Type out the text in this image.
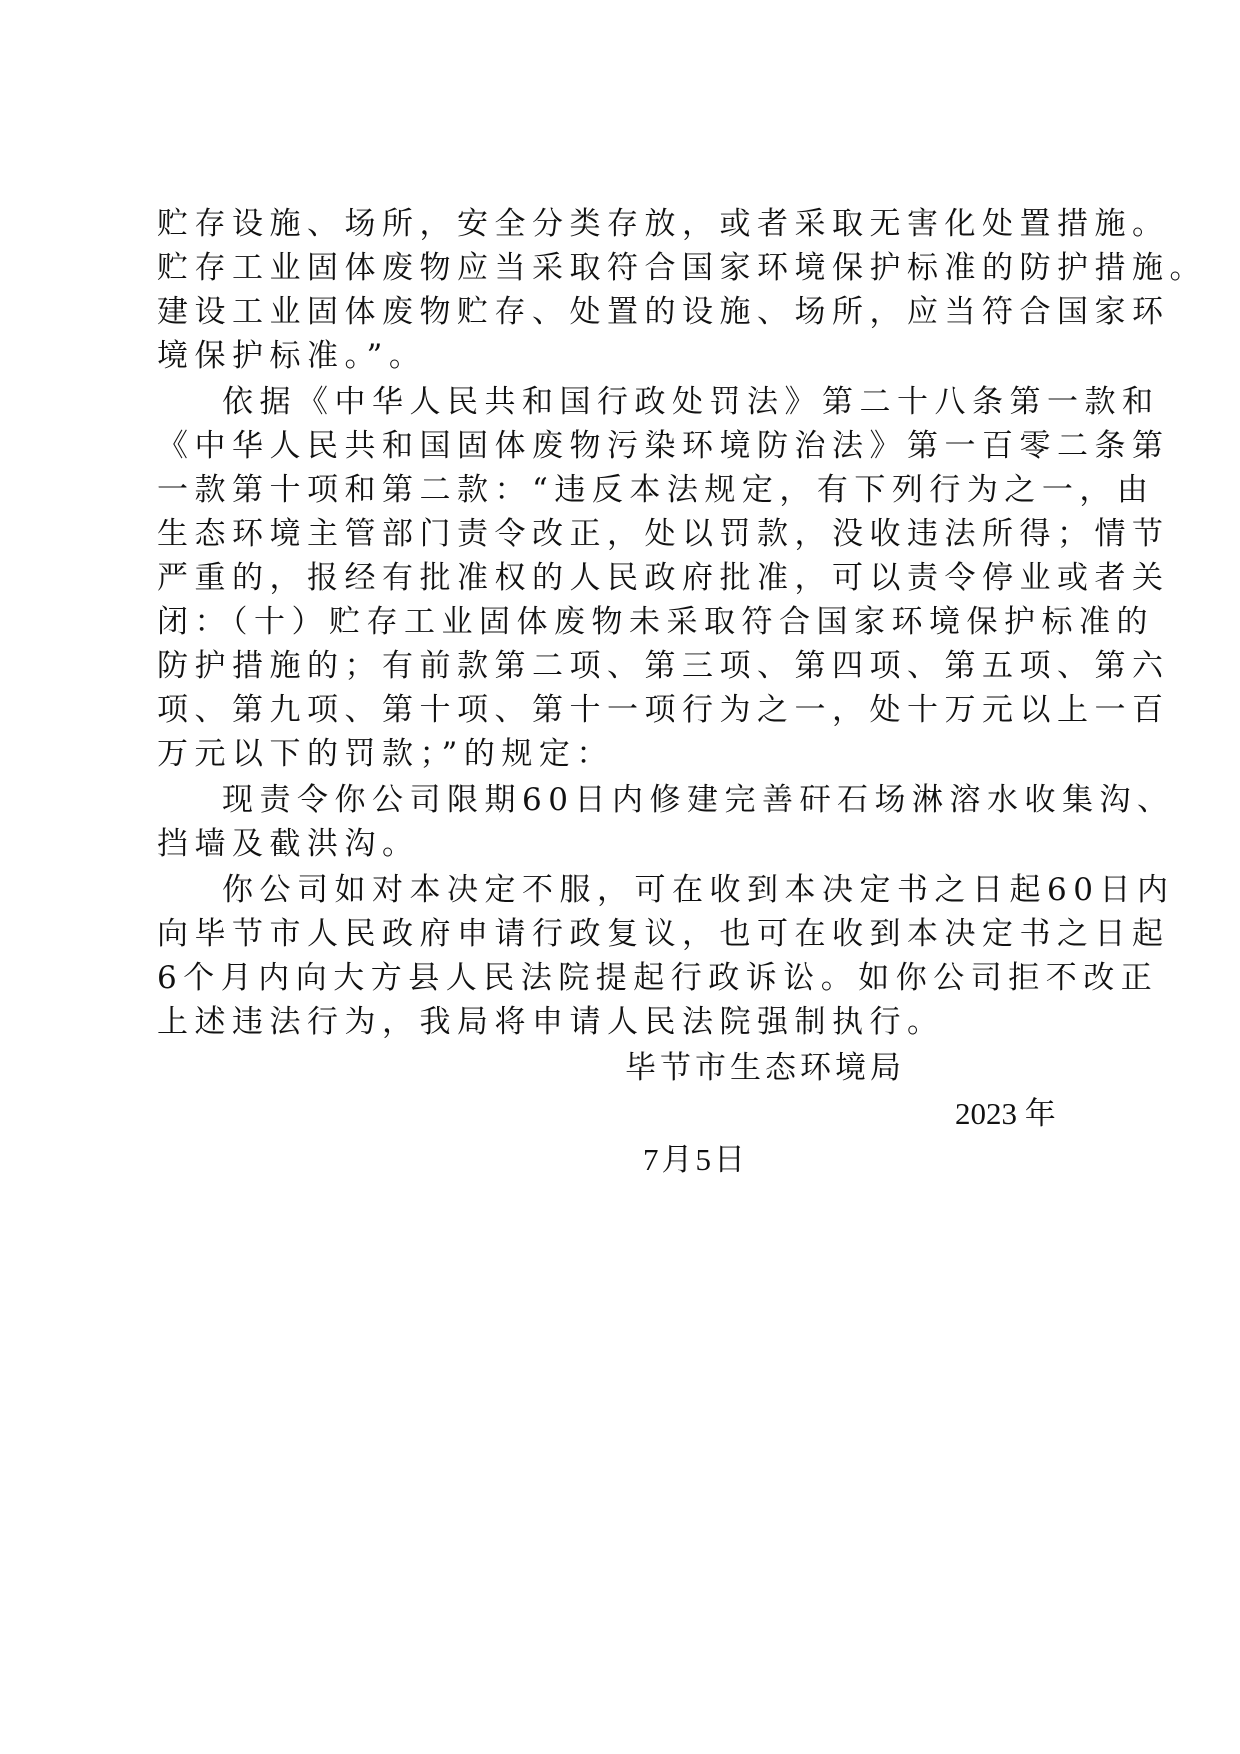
贮存设施、场所，安全分类存放，或者采取无害化处置措施。
贮存工业固体废物应当采取符合国家环境保护标准的防护措施。
建设工业固体废物贮存、处置的设施、场所，应当符合国家环
境保护标准。”。
依据《中华人民共和国行政处罚法》第二十八条第一款和
《中华人民共和国固体废物污染环境防治法》第一百零二条第
一款第十项和第二款：“违反本法规定，有下列行为之一，由
生态环境主管部门责令改正，处以罚款，没收违法所得；情节
严重的，报经有批准权的人民政府批准，可以责令停业或者关
闭：（十）贮存工业固体废物未采取符合国家环境保护标准的
防护措施的；有前款第二项、第三项、第四项、第五项、第六
项、第九项、第十项、第十一项行为之一，处十万元以上一百
万元以下的罚款；”的规定：
现责令你公司限期60日内修建完善矸石场淋溶水收集沟、
挡墙及截洪沟。
你公司如对本决定不服，可在收到本决定书之日起60日内
向毕节市人民政府申请行政复议，也可在收到本决定书之日起
6个月内向大方县人民法院提起行政诉讼。如你公司拒不改正
上述违法行为，我局将申请人民法院强制执行。
毕节市生态环境局
2023 年
7月5日
